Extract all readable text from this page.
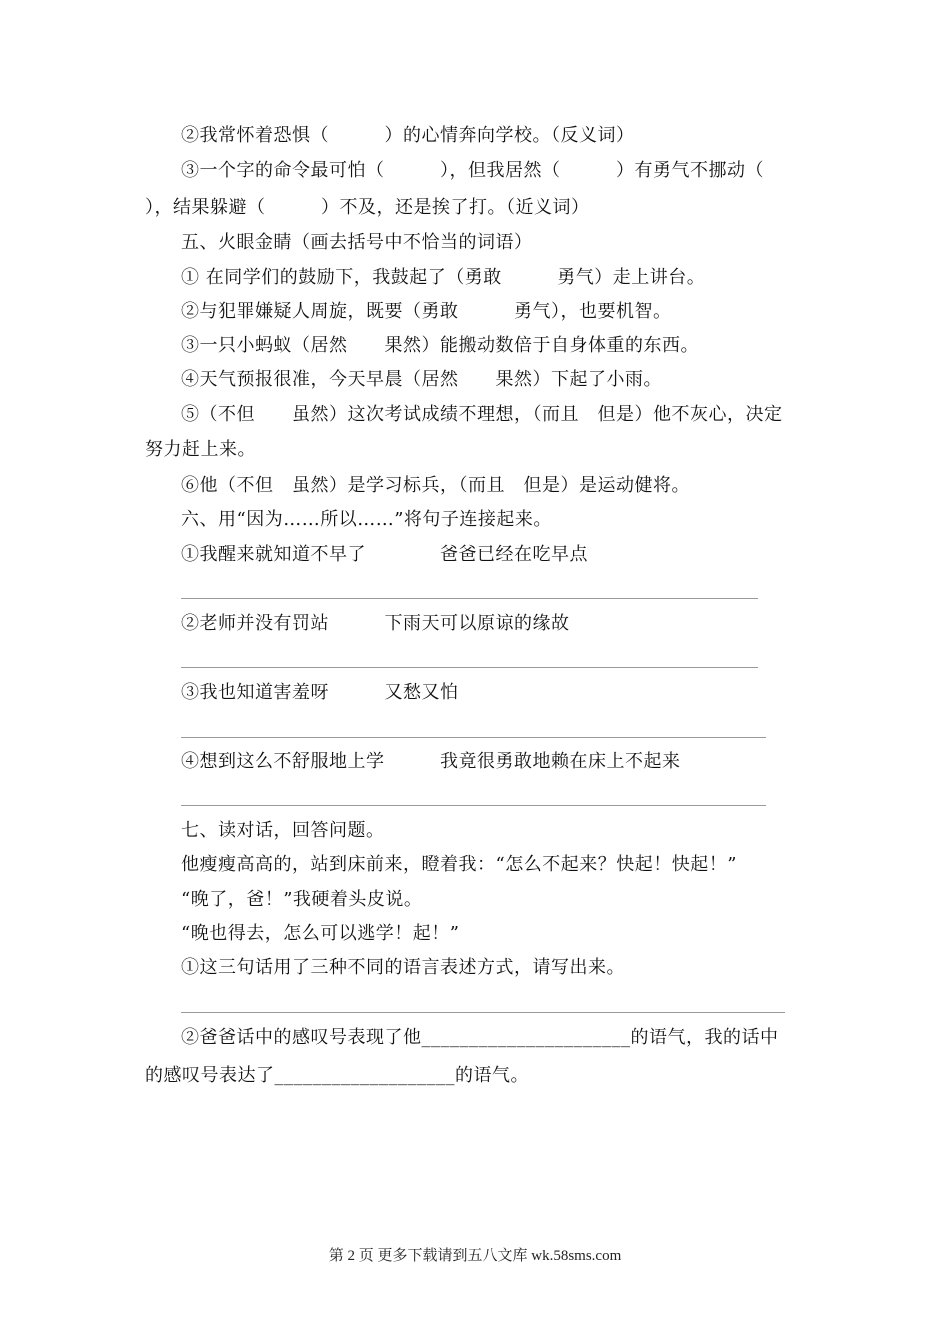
②我常怀着恐惧（　　　）的心情奔向学校。（反义词）
③一个字的命令最可怕（　　　），但我居然（　　　）有勇气不挪动（
），结果躲避（　　　）不及，还是挨了打。（近义词）
五、火眼金睛（画去括号中不恰当的词语）
① 在同学们的鼓励下，我鼓起了（勇敢　　　勇气）走上讲台。
②与犯罪嫌疑人周旋，既要（勇敢　　　勇气），也要机智。
③一只小蚂蚁（居然　　果然）能搬动数倍于自身体重的东西。
④天气预报很准，今天早晨（居然　　果然）下起了小雨。
⑤（不但　　虽然）这次考试成绩不理想，（而且　但是）他不灰心，决定
努力赶上来。
⑥他（不但　虽然）是学习标兵，（而且　但是）是运动健将。
六、用“因为……所以……”将句子连接起来。
①我醒来就知道不早了　　　　爸爸已经在吃早点
②老师并没有罚站　　　下雨天可以原谅的缘故
③我也知道害羞呀　　　又愁又怕
④想到这么不舒服地上学　　　我竟很勇敢地赖在床上不起来
七、读对话，回答问题。
他瘦瘦高高的，站到床前来，瞪着我：“怎么不起来？快起！快起！”
“晚了，爸！”我硬着头皮说。
“晚也得去，怎么可以逃学！起！”
①这三句话用了三种不同的语言表述方式，请写出来。
②爸爸话中的感叹号表现了他______________________的语气，我的话中
的感叹号表达了___________________的语气。
第 2 页 更多下载请到五八文库 wk.58sms.com
